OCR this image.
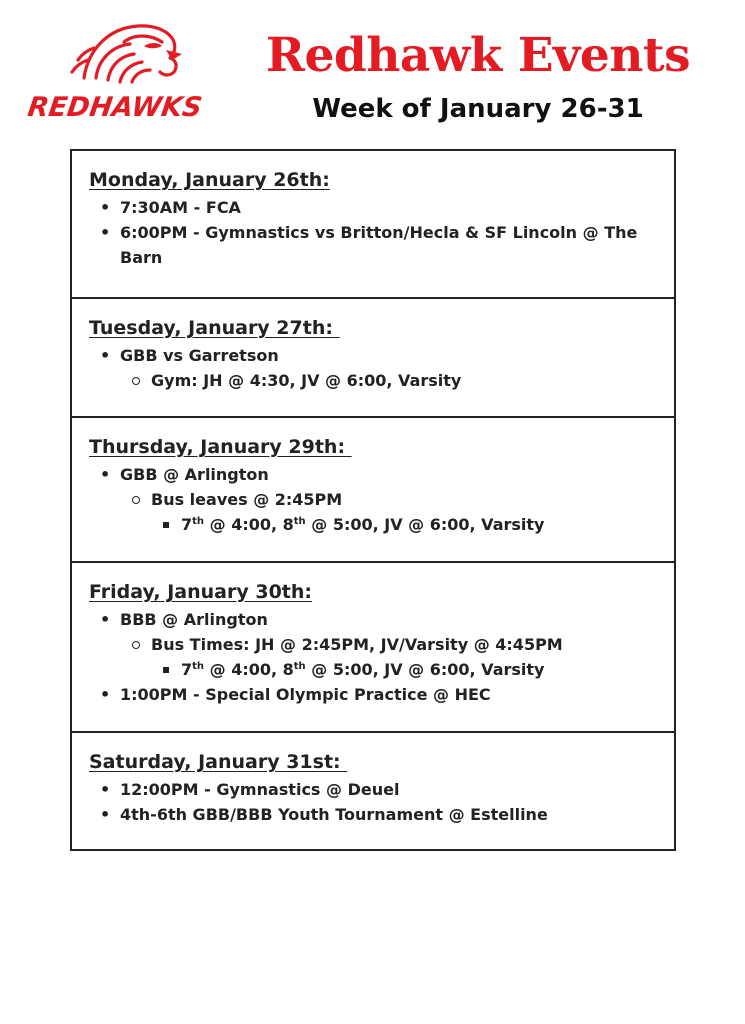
REDHAWKS
Redhawk Events
Week of January 26-31
Monday, January 26th:
• 7:30AM - FCA
• 6:00PM - Gymnastics vs Britton/Hecla & SF Lincoln @ The Barn
Tuesday, January 27th:
• GBB vs Garretson
Gym: JH @ 4:30, JV @ 6:00, Varsity
Thursday, January 29th:
• GBB @ Arlington
Bus leaves @ 2:45PM
7th @ 4:00, 8th @ 5:00, JV @ 6:00, Varsity
Friday, January 30th:
• BBB @ Arlington
Bus Times: JH @ 2:45PM, JV/Varsity @ 4:45PM
7th @ 4:00, 8th @ 5:00, JV @ 6:00, Varsity
• 1:00PM - Special Olympic Practice @ HEC
Saturday, January 31st:
• 12:00PM - Gymnastics @ Deuel
• 4th-6th GBB/BBB Youth Tournament @ Estelline
